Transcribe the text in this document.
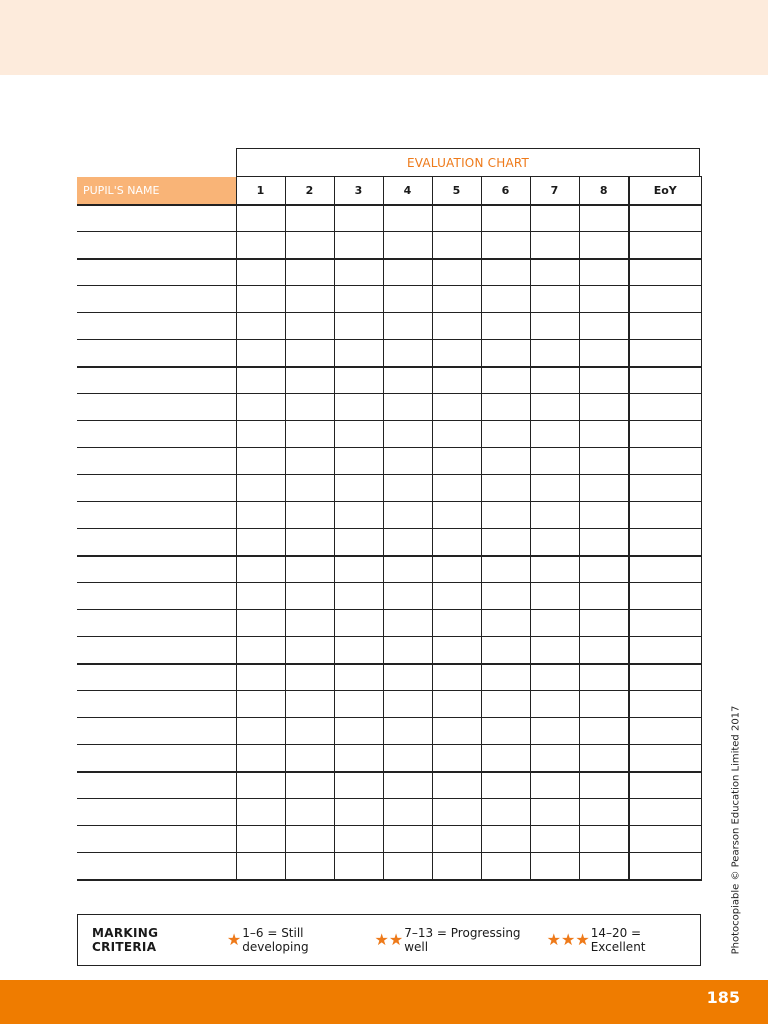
EVALUATION CHART
PUPIL'S NAME	1	2	3	4	5	6	7	8	EoY

MARKING CRITERIA	★ 1–6 = Still developing	★★ 7–13 = Progressing well	★★★ 14–20 = Excellent	Photocopiable © Pearson Education Limited 2017
185
